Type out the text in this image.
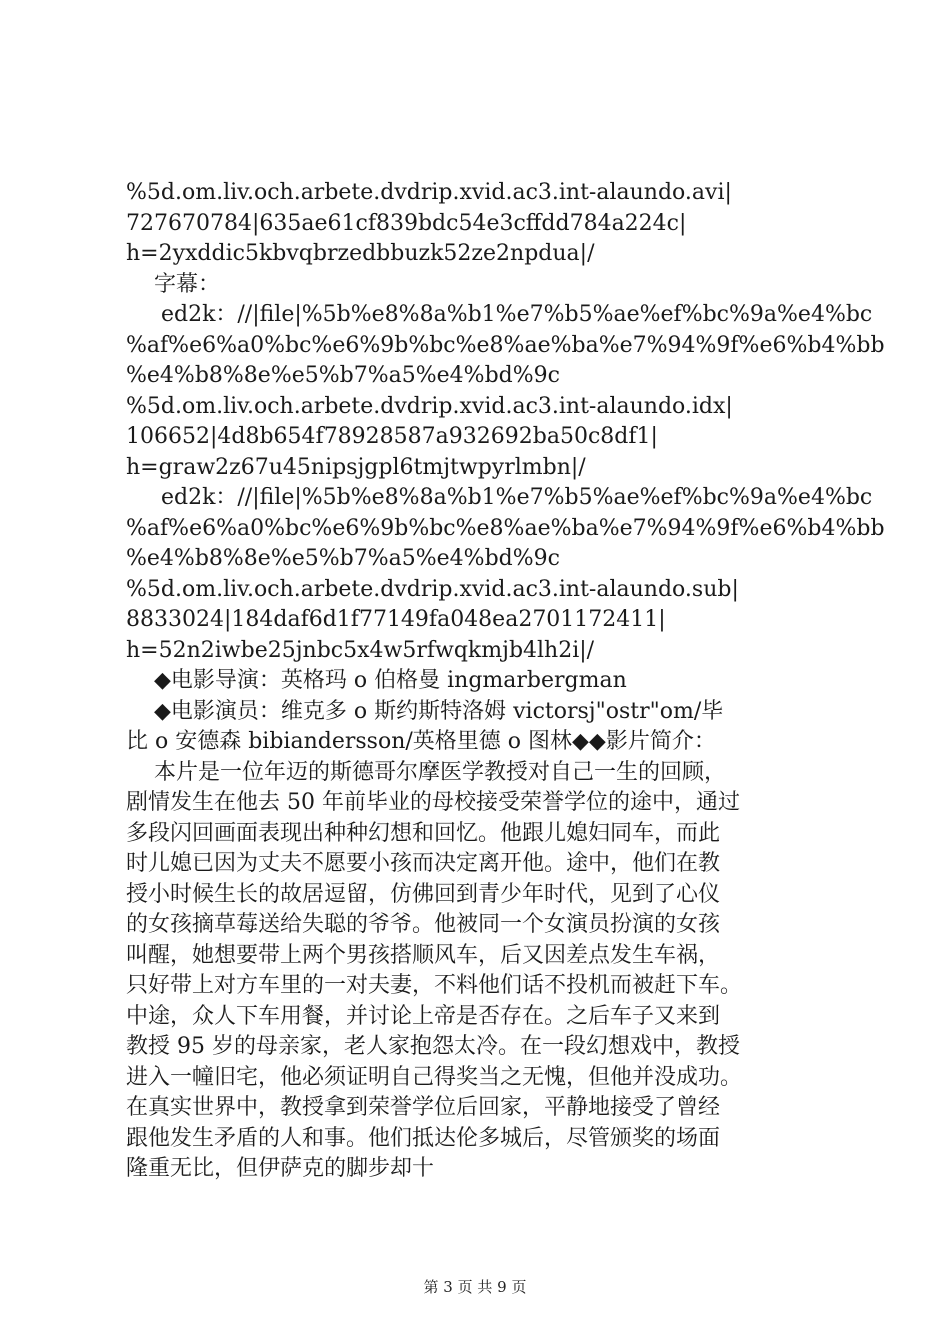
%5d.om.liv.och.arbete.dvdrip.xvid.ac3.int-alaundo.avi|
727670784|635ae61cf839bdc54e3cffdd784a224c|
h=2yxddic5kbvqbrzedbbuzk52ze2npdua|/
字幕：
ed2k：//|file|%5b%e8%8a%b1%e7%b5%ae%ef%bc%9a%e4%bc
%af%e6%a0%bc%e6%9b%bc%e8%ae%ba%e7%94%9f%e6%b4%bb
%e4%b8%8e%e5%b7%a5%e4%bd%9c
%5d.om.liv.och.arbete.dvdrip.xvid.ac3.int-alaundo.idx|
106652|4d8b654f78928587a932692ba50c8df1|
h=graw2z67u45nipsjgpl6tmjtwpyrlmbn|/
ed2k：//|file|%5b%e8%8a%b1%e7%b5%ae%ef%bc%9a%e4%bc
%af%e6%a0%bc%e6%9b%bc%e8%ae%ba%e7%94%9f%e6%b4%bb
%e4%b8%8e%e5%b7%a5%e4%bd%9c
%5d.om.liv.och.arbete.dvdrip.xvid.ac3.int-alaundo.sub|
8833024|184daf6d1f77149fa048ea2701172411|
h=52n2iwbe25jnbc5x4w5rfwqkmjb4lh2i|/
◆电影导演：英格玛 o 伯格曼 ingmarbergman
◆电影演员：维克多 o 斯约斯特洛姆 victorsj"ostr"om/毕
比 o 安德森 bibiandersson/英格里德 o 图林◆◆影片简介：
本片是一位年迈的斯德哥尔摩医学教授对自己一生的回顾，
剧情发生在他去 50 年前毕业的母校接受荣誉学位的途中，通过
多段闪回画面表现出种种幻想和回忆。他跟儿媳妇同车，而此
时儿媳已因为丈夫不愿要小孩而决定离开他。途中，他们在教
授小时候生长的故居逗留，仿佛回到青少年时代，见到了心仪
的女孩摘草莓送给失聪的爷爷。他被同一个女演员扮演的女孩
叫醒，她想要带上两个男孩搭顺风车，后又因差点发生车祸，
只好带上对方车里的一对夫妻，不料他们话不投机而被赶下车。
中途，众人下车用餐，并讨论上帝是否存在。之后车子又来到
教授 95 岁的母亲家，老人家抱怨太冷。在一段幻想戏中，教授
进入一幢旧宅，他必须证明自己得奖当之无愧，但他并没成功。
在真实世界中，教授拿到荣誉学位后回家，平静地接受了曾经
跟他发生矛盾的人和事。他们抵达伦多城后，尽管颁奖的场面
隆重无比，但伊萨克的脚步却十
第 3 页 共 9 页
